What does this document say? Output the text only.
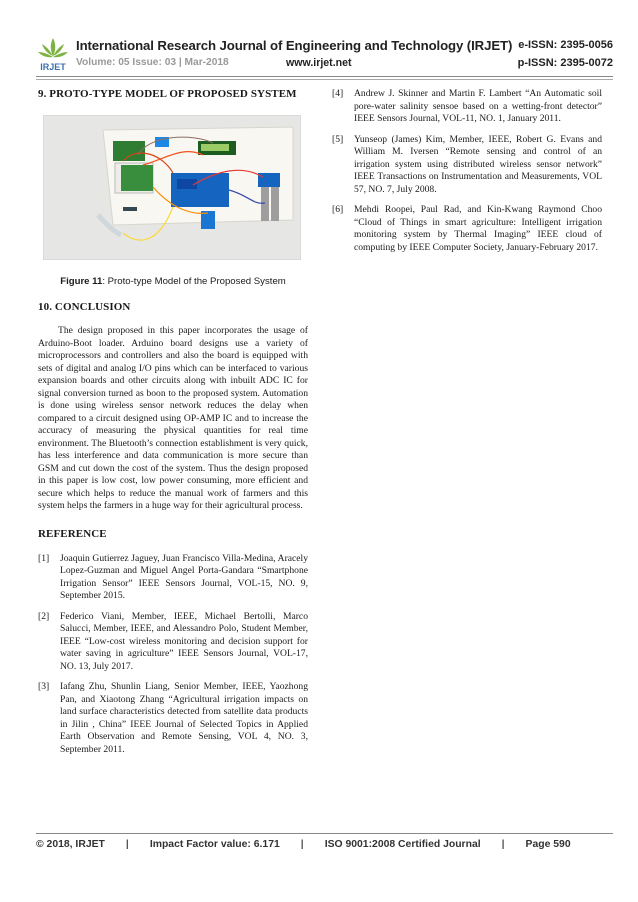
IRJET
International Research Journal of Engineering and Technology (IRJET) e-ISSN: 2395-0056
Volume: 05 Issue: 03 | Mar-2018	www.irjet.net	p-ISSN: 2395-0072
9. PROTO-TYPE MODEL OF PROPOSED SYSTEM
Figure 11: Proto-type Model of the Proposed System
10. CONCLUSION

The design proposed in this paper incorporates the usage of Arduino-Boot loader. Arduino board designs use a variety of microprocessors and controllers and also the board is equipped with sets of digital and analog I/O pins which can be interfaced to various expansion boards and other circuits along with inbuilt ADC IC for signal conversion turned as boon to the proposed system. Automation is done using wireless sensor network reduces the delay when compared to a circuit designed using OP-AMP IC and to increase the accuracy of measuring the physical quantities for real time environment. The Bluetooth’s connection establishment is very quick, has less interference and data communication is more secure than GSM and cut down the cost of the system. Thus the design proposed in this paper is low cost, low power consuming, more efficient and secure which helps to reduce the manual work of farmers and this system helps the farmers in a huge way for their agricultural process.

REFERENCE
[1]	Joaquin Gutierrez Jaguey, Juan Francisco Villa-Medina, Aracely Lopez-Guzman and Miguel Angel Porta-Gandara “Smartphone Irrigation Sensor” IEEE Sensors Journal, VOL-15, NO. 9, September 2015.
[2]	Federico Viani, Member, IEEE, Michael Bertolli, Marco Salucci, Member, IEEE, and Alessandro Polo, Student Member, IEEE “Low-cost wireless monitoring and decision support for water saving in agriculture” IEEE Sensors Journal, VOL-17, NO. 13, July 2017.
[3]	Iafang Zhu, Shunlin Liang, Senior Member, IEEE, Yaozhong Pan, and Xiaotong Zhang “Agricultural irrigation impacts on land surface characteristics detected from satellite data products in Jilin , China” IEEE Journal of Selected Topics in Applied Earth Observation and Remote Sensing, VOL 4, NO. 3, September 2011.
[4]	Andrew J. Skinner and Martin F. Lambert “An Automatic soil pore-water salinity sensoe based on a wetting-front detector” IEEE Sensors Journal, VOL-11, NO. 1, January 2011.
[5]	Yunseop (James) Kim, Member, IEEE, Robert G. Evans and William M. Iversen “Remote sensing and control of an irrigation system using distributed wireless sensor network” IEEE Transactions on Instrumentation and Measurements, VOL 57, NO. 7, July 2008.
[6]	Mehdi Roopei, Paul Rad, and Kin-Kwang Raymond Choo “Cloud of Things in smart agriculture: Intelligent irrigation monitoring system by Thermal Imaging” IEEE cloud of computing by IEEE Computer Society, January-February 2017.
© 2018, IRJET | Impact Factor value: 6.171 | ISO 9001:2008 Certified Journal | Page 590
